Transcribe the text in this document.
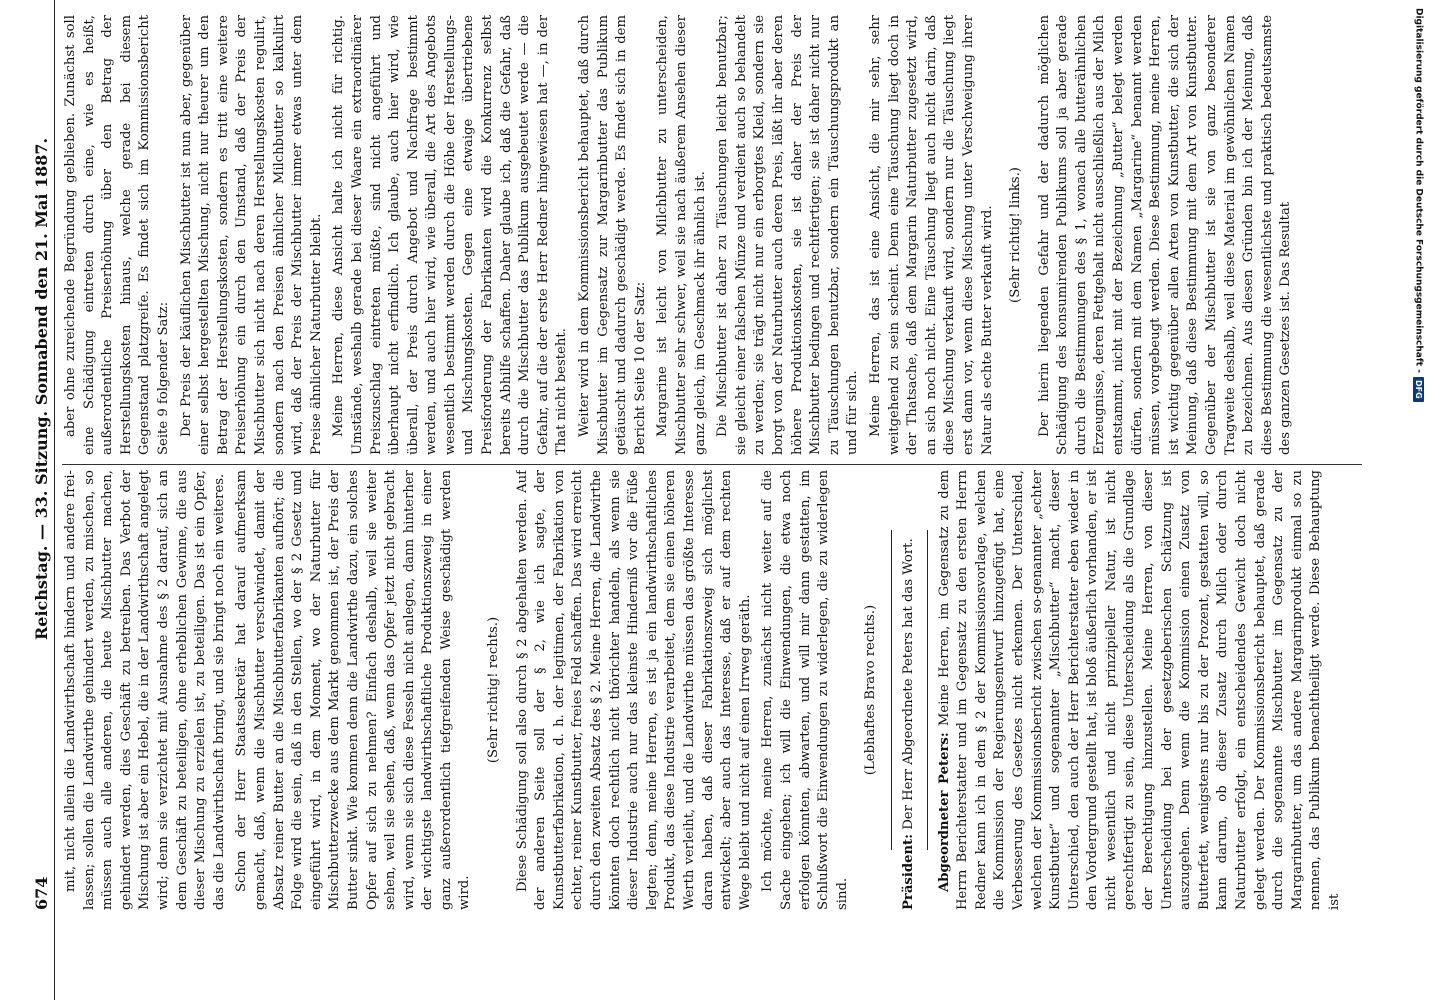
674
Reichstag. — 33. Sitzung. Sonnabend den 21. Mai 1887.

mit, nicht allein die Landwirthschaft hindern und andere frei-lassen; sollen die Landwirthe gehindert werden, zu mischen, so müssen auch alle anderen, die heute Mischbutter machen, gehindert werden, dies Geschäft zu betreiben. Das Verbot der Mischung ist aber ein Hebel, die in der Landwirthschaft angelegt wird; denn sie verzichtet mit Ausnahme des § 2 darauf, sich an dem Geschäft zu beteiligen, ohne erheblichen Gewinne, die aus dieser Mischung zu erzielen ist, zu beteiligen. Das ist ein Opfer, das die Landwirthschaft bringt, und sie bringt noch ein weiteres. Schon der Herr Staatssekretär hat darauf aufmerksam gemacht, daß, wenn die Mischbutter verschwindet, damit der Absatz reiner Butter an die Mischbutterfabrikanten aufhört; die Folge wird die sein, daß in den Stellen, wo der § 2 Gesetz und eingeführt wird, in dem Moment, wo der Naturbutter für Mischbutterzwecke aus dem Markt genommen ist, der Preis der Butter sinkt. Wie kommen denn die Landwirthe dazu, ein solches Opfer auf sich zu nehmen? Einfach deshalb, weil sie weiter sehen, weil sie sehen, daß, wenn das Opfer jetzt nicht gebracht wird, wenn sie sich diese Fesseln nicht anlegen, dann hinterher der wichtigste landwirthschaftliche Produktionszweig in einer ganz außerordentlich tiefgreifenden Weise geschädigt werden wird.

(Sehr richtig! rechts.) Diese Schädigung soll also durch § 2 abgehalten werden. Auf der anderen Seite soll der § 2, wie ich sagte, der Kunstbutterfabrikation, d. h. der legitimen, der Fabrikation von echter, reiner Kunstbutter, freies Feld schaffen. Das wird erreicht durch den zweiten Absatz des § 2. Meine Herren, die Landwirthe könnten doch rechtlich nicht thörichter handeln, als wenn sie dieser Industrie auch nur das kleinste Hinderniß vor die Füße legten; denn, meine Herren, es ist ja ein landwirthschaftliches Produkt, das diese Industrie verarbeitet, dem sie einen höheren Werth verleiht, und die Landwirthe müssen das größte Interesse daran haben, daß dieser Fabrikationszweig sich möglichst entwickelt; aber auch das Interesse, daß er auf dem rechten Wege bleibt und nicht auf einen Irrweg geräth. Ich möchte, meine Herren, zunächst nicht weiter auf die Sache eingehen; ich will die Einwendungen, die etwa noch erfolgen könnten, abwarten, und will mir dann gestatten, im Schlußwort die Einwendungen zu widerlegen, die zu widerlegen sind.

(Lebhaftes Bravo rechts.)

Präsident: Der Herr Abgeordnete Peters hat das Wort. Abgeordneter Peters: Meine Herren, im Gegensatz zu dem Herrn Berichterstatter und im Gegensatz zu den ersten Herrn Redner kann ich in dem § 2 der Kommissionsvorlage, welchen die Kommission der Regierungsentwurf hinzugefügt hat, eine Verbesserung des Gesetzes nicht erkennen. Der Unterschied, welchen der Kommissionsbericht zwischen so-genannter „echter Kunstbutter“ und sogenannter „Mischbutter“ macht, dieser Unterschied, den auch der Herr Berichterstatter eben wieder in den Vordergrund gestellt hat, ist bloß äußerlich vorhanden, er ist nicht wesentlich und nicht prinzipieller Natur, ist nicht gerechtfertigt zu sein, diese Unterscheidung als die Grundlage der Berechtigung hinzustellen. Meine Herren, von dieser Unterscheidung bei der gesetzgeberischen Schätzung ist auszugehen. Denn wenn die Kommission einen Zusatz von Butterfett, wenigstens nur bis zu der Prozent, gestatten will, so kann darum, ob dieser Zusatz durch Milch oder durch Naturbutter erfolgt, ein entscheidendes Gewicht doch nicht gelegt werden. Der Kommissionsbericht behauptet, daß gerade durch die sogenannte Mischbutter im Gegensatz zu der Margarinbutter, um das andere Margarinprodukt einmal so zu nennen, das Publikum benachtheiligt werde. Diese Behauptung ist

aber ohne zureichende Begründung geblieben. Zunächst soll eine Schädigung eintreten durch eine, wie es heißt, außerordentliche Preiserhöhung über den Betrag der Herstellungskosten hinaus, welche gerade bei diesem Gegenstand platzgreife. Es findet sich im Kommissionsbericht Seite 9 folgender Satz: Der Preis der käuflichen Mischbutter ist nun aber, gegenüber einer selbst hergestellten Mischung, nicht nur theurer um den Betrag der Herstellungskosten, sondern es tritt eine weitere Preiserhöhung ein durch den Umstand, daß der Preis der Mischbutter sich nicht nach deren Herstellungskosten regulirt, sondern nach den Preisen ähnlicher Milchbutter so kalkulirt wird, daß der Preis der Mischbutter immer etwas unter dem Preise ähnlicher Naturbutter bleibt. Meine Herren, diese Ansicht halte ich nicht für richtig. Umstände, weshalb gerade bei dieser Waare ein extraordinärer Preiszuschlag eintreten müßte, sind nicht angeführt und überhaupt nicht erfindlich. Ich glaube, auch hier wird, wie überall, der Preis durch Angebot und Nachfrage bestimmt werden, und auch hier wird, wie überall, die Art des Angebots wesentlich bestimmt werden durch die Höhe der Herstellungs- und Mischungskosten. Gegen eine etwaige übertriebene Preisforderung der Fabrikanten wird die Konkurrenz selbst bereits Abhilfe schaffen. Daher glaube ich, daß die Gefahr, daß durch die Mischbutter das Publikum ausgebeutet werde — die Gefahr, auf die der erste Herr Redner hingewiesen hat —, in der That nicht besteht. Weiter wird in dem Kommissionsbericht behauptet, daß durch Mischbutter im Gegensatz zur Margarinbutter das Publikum getäuscht und dadurch geschädigt werde. Es findet sich in dem Bericht Seite 10 der Satz: Margarine ist leicht von Milchbutter zu unterscheiden, Mischbutter sehr schwer, weil sie nach äußerem Ansehen dieser ganz gleich, im Geschmack ihr ähnlich ist. Die Mischbutter ist daher zu Täuschungen leicht benutzbar; sie gleicht einer falschen Münze und verdient auch so behandelt zu werden; sie trägt nicht nur ein erborgtes Kleid, sondern sie borgt von der Naturbutter auch deren Preis, läßt ihr aber deren höhere Produktionskosten, sie ist daher der Preis der Mischbutter bedingen und rechtfertigen; sie ist daher nicht nur zu Täuschungen benutzbar, sondern ein Täuschungsprodukt an und für sich. Meine Herren, das ist eine Ansicht, die mir sehr, sehr weitgehend zu sein scheint. Denn eine Täuschung liegt doch in der Thatsache, daß dem Margarin Naturbutter zugesetzt wird, an sich noch nicht. Eine Täuschung liegt auch nicht darin, daß diese Mischung verkauft wird, sondern nur die Täuschung liegt erst dann vor, wenn diese Mischung unter Verschweigung ihrer Natur als echte Butter verkauft wird. (Sehr richtig! links.) Der hierin liegenden Gefahr und der dadurch möglichen Schädigung des konsumirenden Publikums soll ja aber gerade durch die Bestimmungen des § 1, wonach alle butterähnlichen Erzeugnisse, deren Fettgehalt nicht ausschließlich aus der Milch entstammt, nicht mit der Bezeichnung „Butter“ belegt werden dürfen, sondern mit dem Namen „Margarine“ benannt werden müssen, vorgebeugt werden. Diese Bestimmung, meine Herren, ist wichtig gegenüber allen Arten von Kunstbutter, die sich der Meinung, daß diese Bestimmung mit dem Art von Kunstbutter. Gegenüber der Mischbutter ist sie von ganz besonderer Tragweite deshalb, weil diese Material im gewöhnlichen Namen zu bezeichnen. Aus diesen Gründen bin ich der Meinung, daß diese Bestimmung die wesentlichste und praktisch bedeutsamste des ganzen Gesetzes ist. Das Resultat	Digitalisierung gefördert durch die Deutsche Forschungsgemeinschaft -
DFG
